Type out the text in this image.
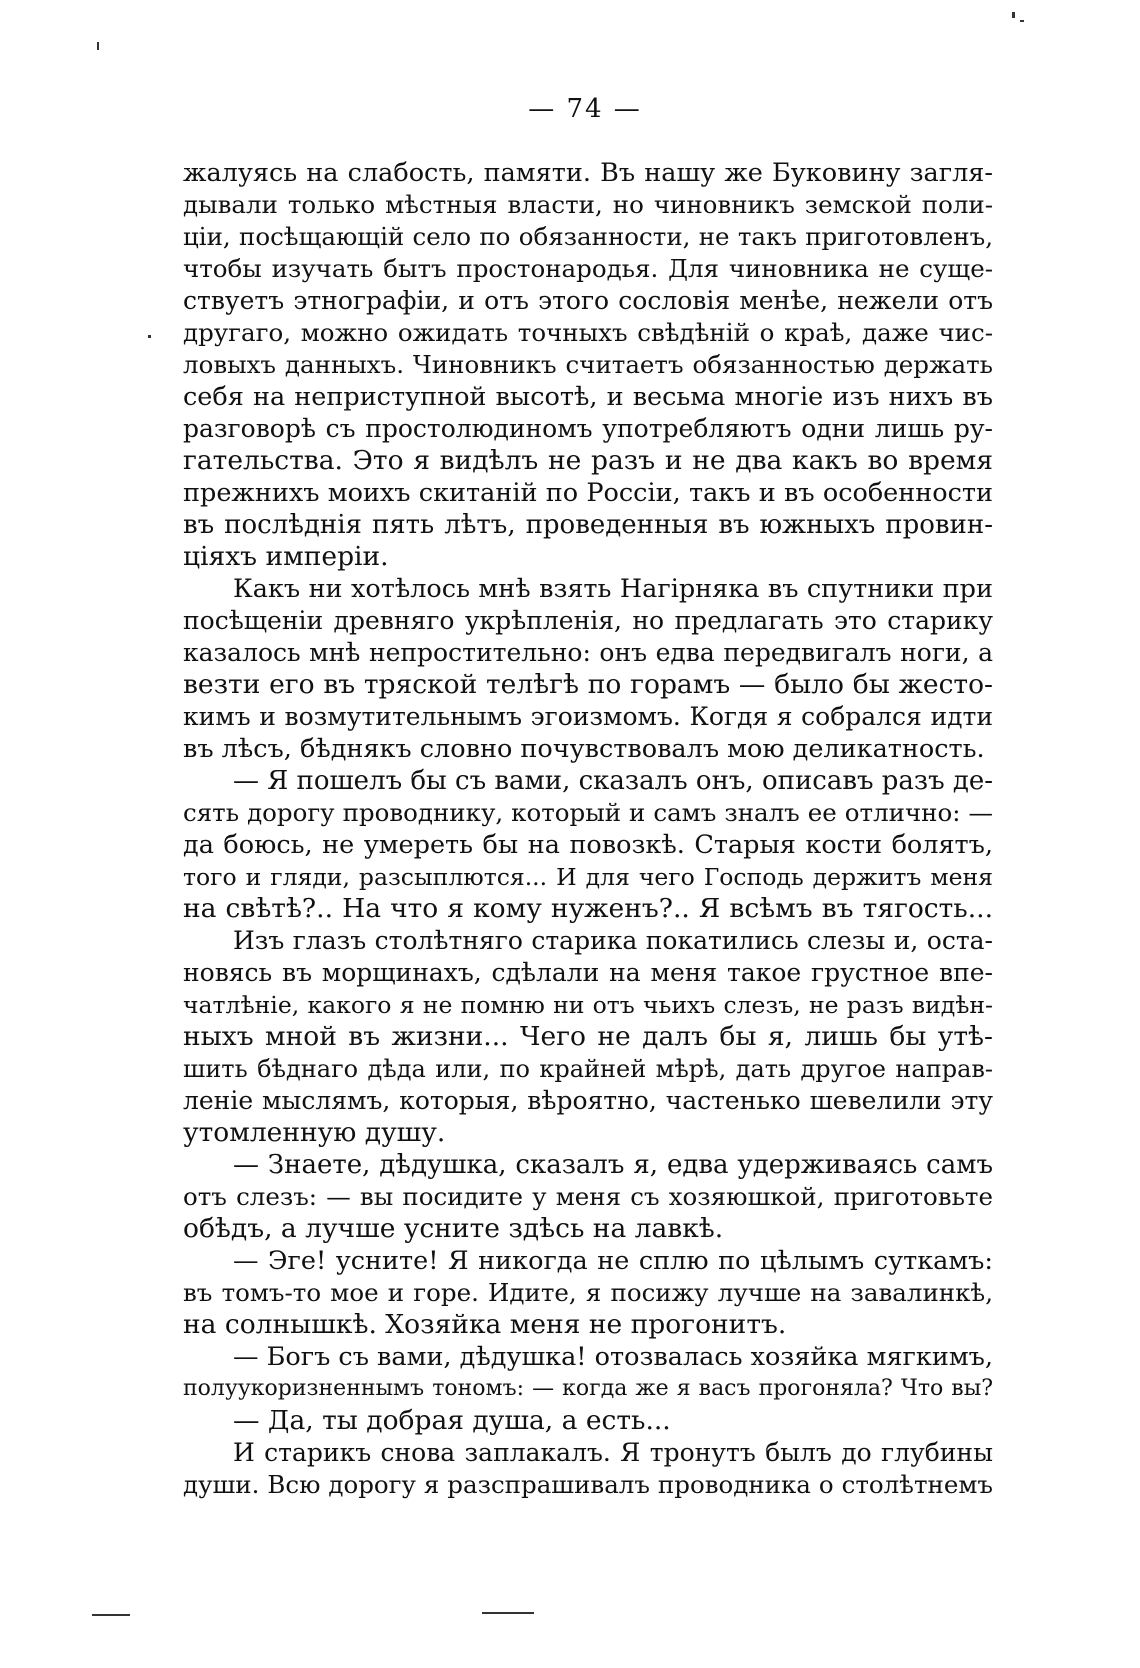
— 74 —
жалуясь на слабость, памяти. Въ нашу же Буковину загля-
дывали только мѣстныя власти, но чиновникъ земской поли-
ціи, посѣщающій село по обязанности, не такъ приготовленъ,
чтобы изучать бытъ простонародья. Для чиновника не суще-
ствуетъ этнографіи, и отъ этого сословія менѣе, нежели отъ
другаго, можно ожидать точныхъ свѣдѣній о краѣ, даже чис-
ловыхъ данныхъ. Чиновникъ считаетъ обязанностью держать
себя на неприступной высотѣ, и весьма многіе изъ нихъ въ
разговорѣ съ простолюдиномъ употребляютъ одни лишь ру-
гательства. Это я видѣлъ не разъ и не два какъ во время
прежнихъ моихъ скитаній по Россіи, такъ и въ особенности
въ послѣднія пять лѣтъ, проведенныя въ южныхъ провин-
ціяхъ имперіи.
Какъ ни хотѣлось мнѣ взять Нагірняка въ спутники при
посѣщеніи древняго укрѣпленія, но предлагать это старику
казалось мнѣ непростительно: онъ едва передвигалъ ноги, а
везти его въ тряской телѣгѣ по горамъ — было бы жесто-
кимъ и возмутительнымъ эгоизмомъ. Когдя я собрался идти
въ лѣсъ, бѣднякъ словно почувствовалъ мою деликатность.
— Я пошелъ бы съ вами, сказалъ онъ, описавъ разъ де-
сять дорогу проводнику, который и самъ зналъ ее отлично: —
да боюсь, не умереть бы на повозкѣ. Старыя кости болятъ,
того и гляди, разсыплются... И для чего Господь держитъ меня
на свѣтѣ?.. На что я кому нуженъ?.. Я всѣмъ въ тягость...
Изъ глазъ столѣтняго старика покатились слезы и, оста-
новясь въ морщинахъ, сдѣлали на меня такое грустное впе-
чатлѣніе, какого я не помню ни отъ чьихъ слезъ, не разъ видѣн-
ныхъ мной въ жизни... Чего не далъ бы я, лишь бы утѣ-
шить бѣднаго дѣда или, по крайней мѣрѣ, дать другое направ-
леніе мыслямъ, которыя, вѣроятно, частенько шевелили эту
утомленную душу.
— Знаете, дѣдушка, сказалъ я, едва удерживаясь самъ
отъ слезъ: — вы посидите у меня съ хозяюшкой, приготовьте
обѣдъ, а лучше усните здѣсь на лавкѣ.
— Эге! усните! Я никогда не сплю по цѣлымъ суткамъ:
въ томъ-то мое и горе. Идите, я посижу лучше на завалинкѣ,
на солнышкѣ. Хозяйка меня не прогонитъ.
— Богъ съ вами, дѣдушка! отозвалась хозяйка мягкимъ,
полуукоризненнымъ тономъ: — когда же я васъ прогоняла? Что вы?
— Да, ты добрая душа, а есть...
И старикъ снова заплакалъ. Я тронутъ былъ до глубины
души. Всю дорогу я разспрашивалъ проводника о столѣтнемъ
